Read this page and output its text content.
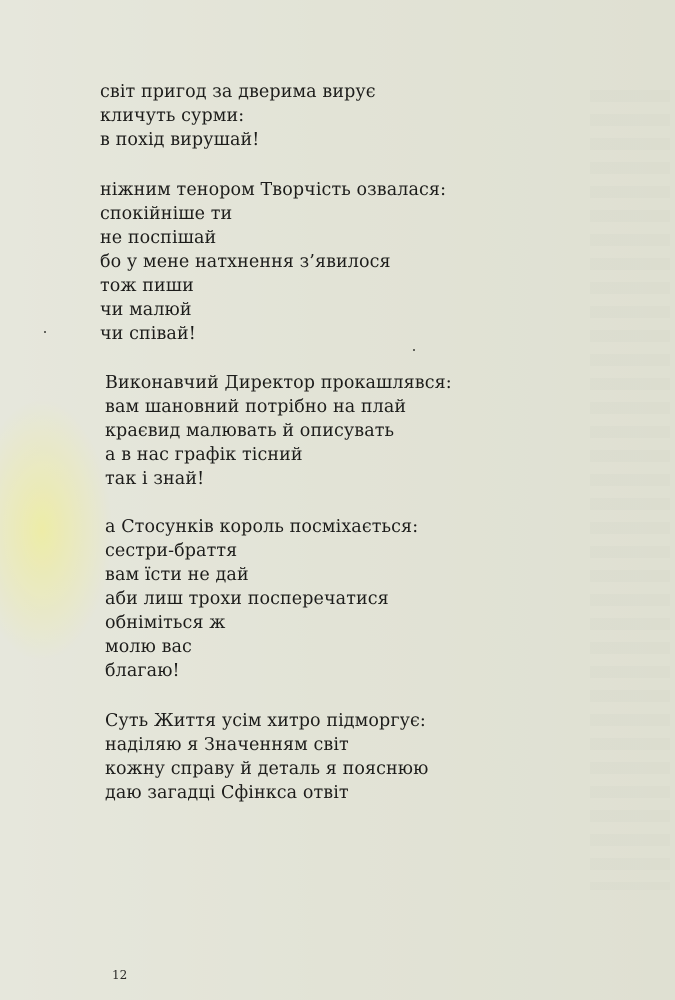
світ пригод за дверима вирує
кличуть сурми:
в похід вирушай!
ніжним тенором Творчість озвалася:
спокійніше ти
не поспішай
бо у мене натхнення з’явилося
тож пиши
чи малюй
чи співай!
Виконавчий Директор прокашлявся:
вам шановний потрібно на плай
краєвид малювать й описувать
а в нас графік тісний
так і знай!
а Стосунків король посміхається:
сестри-браття
вам їсти не дай
аби лиш трохи посперечатися
обніміться ж
молю вас
благаю!
Суть Життя усім хитро підморгує:
наділяю я Значенням світ
кожну справу й деталь я пояснюю
даю загадці Сфінкса отвіт
12
